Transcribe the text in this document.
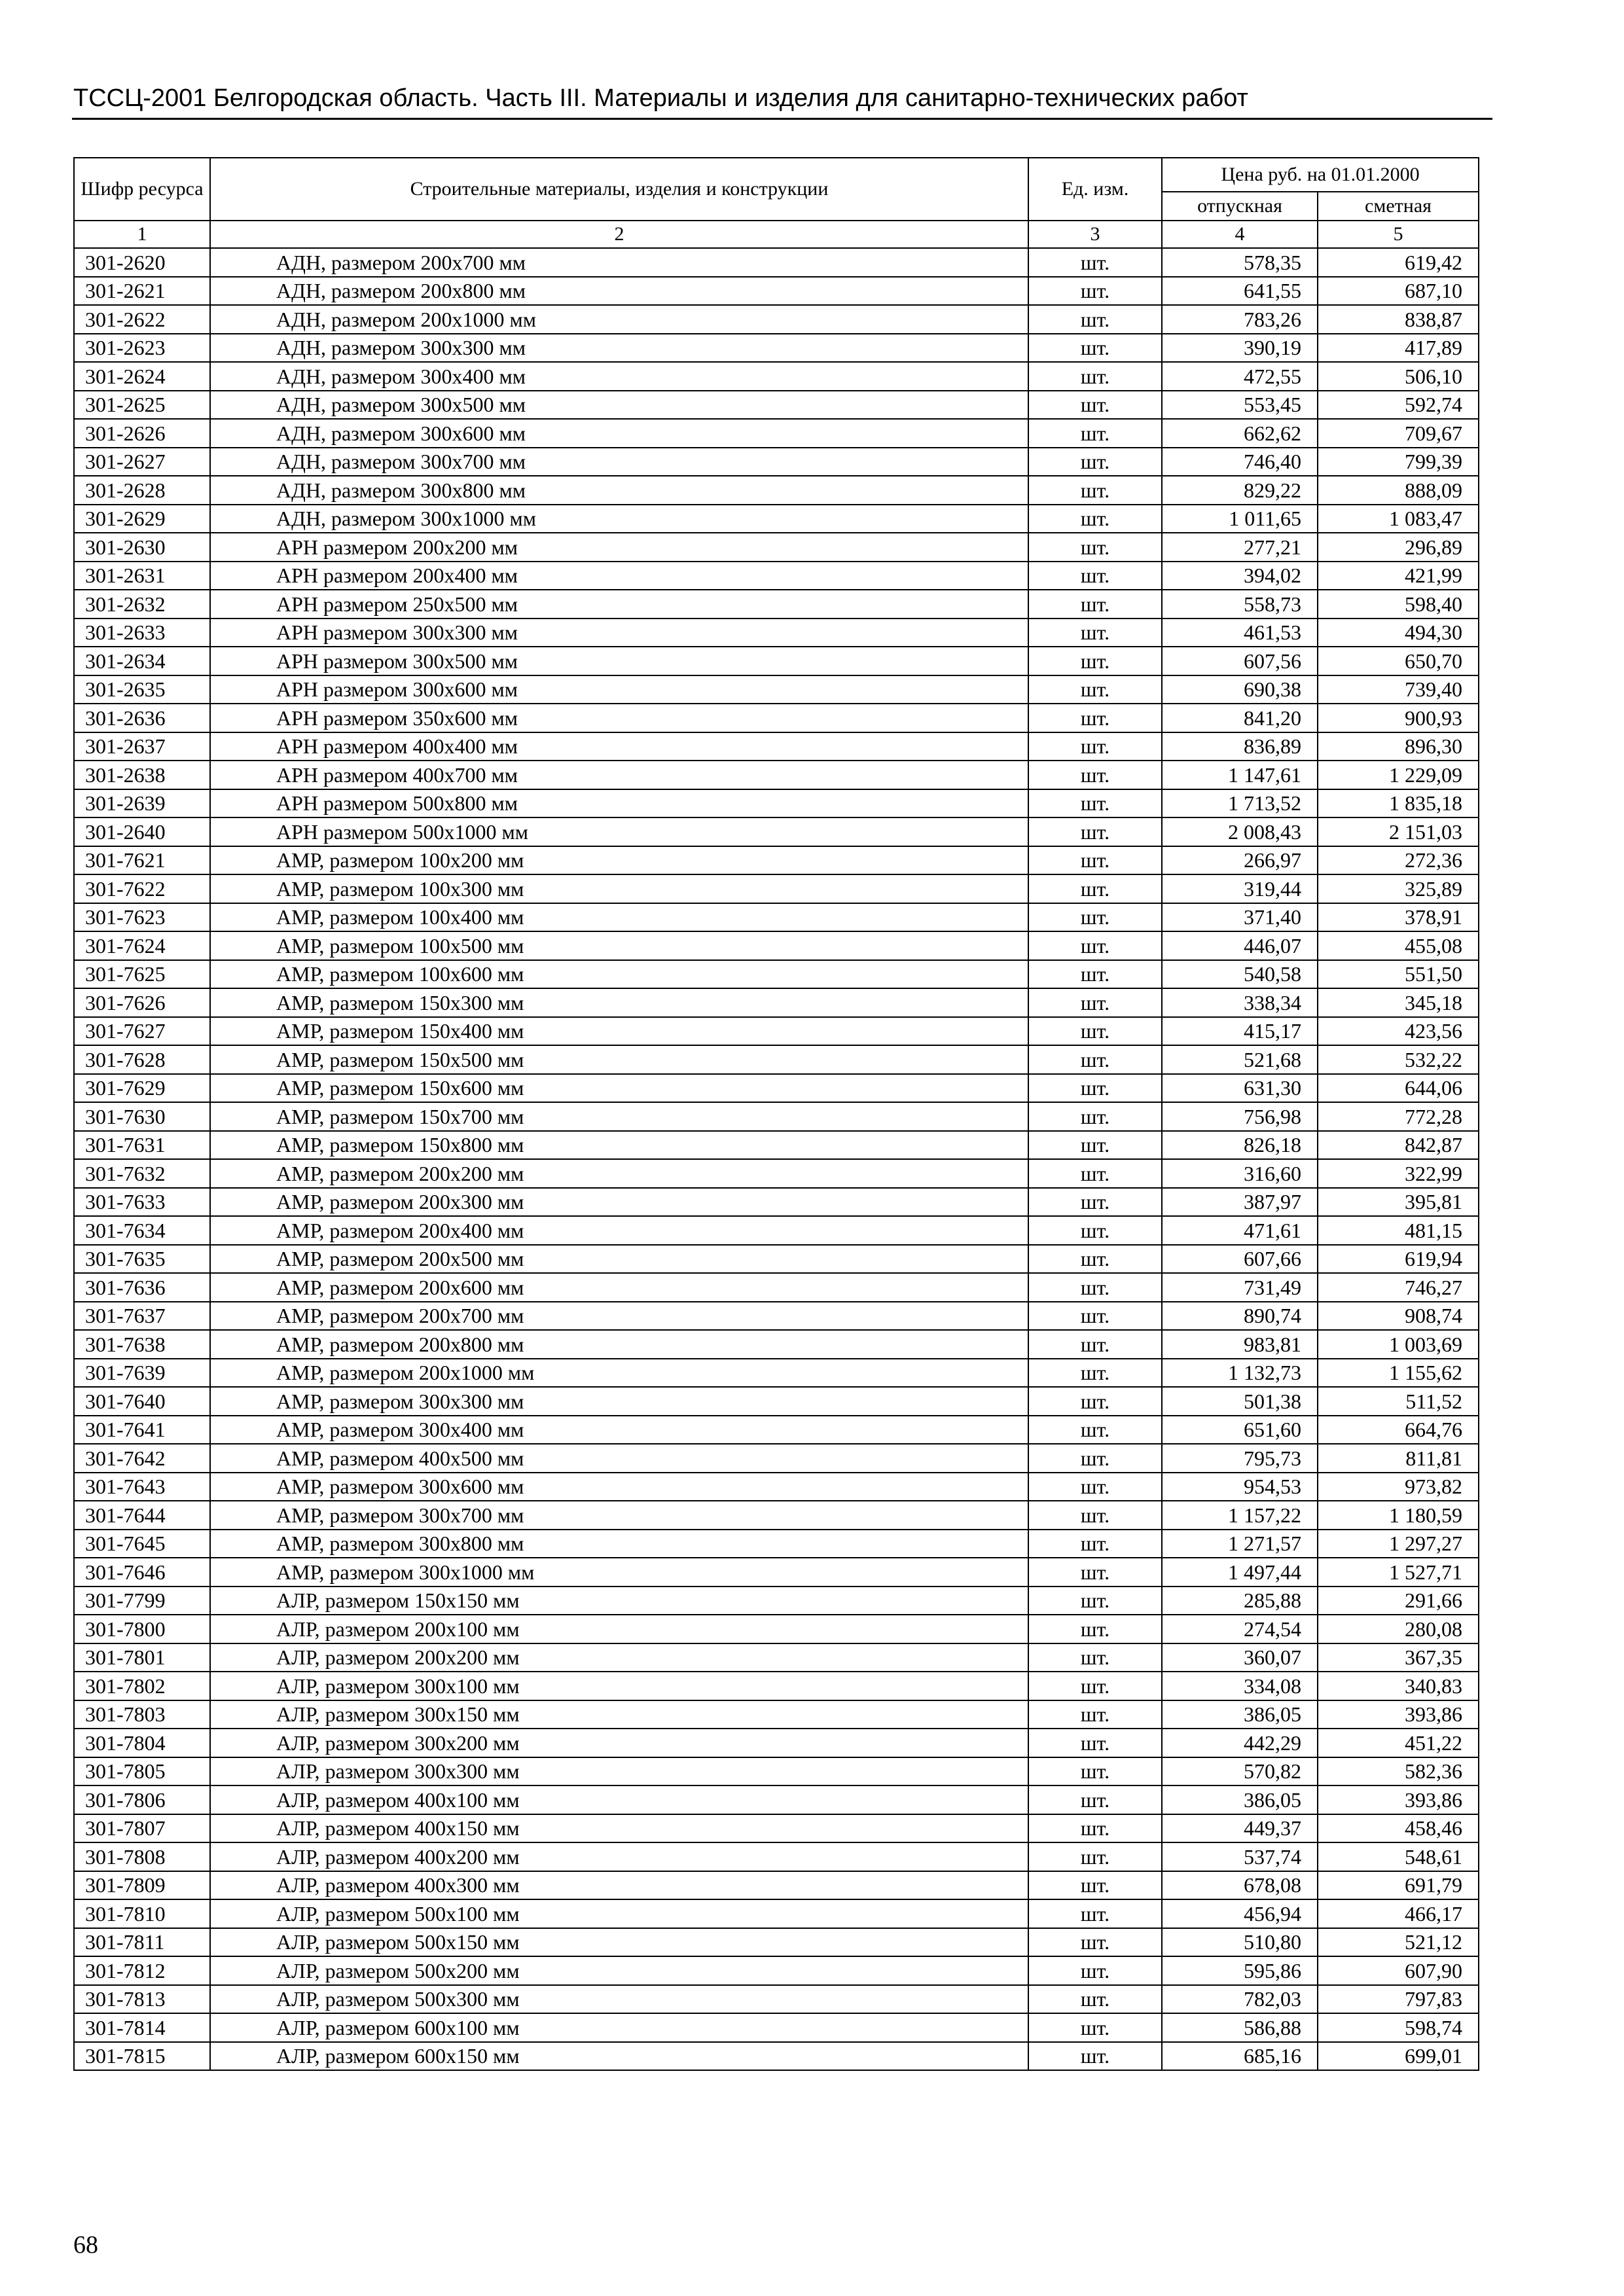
ТССЦ-2001 Белгородская область. Часть III. Материалы и изделия для санитарно-технических работ
Шифр ресурса	Строительные материалы, изделия и конструкции	Ед. изм.	Цена руб. на 01.01.2000	
			отпускная	сметная
1	2	3	4	5
301-2620	АДН, размером 200x700 мм	шт.	578,35	619,42
301-2621	АДН, размером 200x800 мм	шт.	641,55	687,10
301-2622	АДН, размером 200x1000 мм	шт.	783,26	838,87
301-2623	АДН, размером 300x300 мм	шт.	390,19	417,89
301-2624	АДН, размером 300x400 мм	шт.	472,55	506,10
301-2625	АДН, размером 300x500 мм	шт.	553,45	592,74
301-2626	АДН, размером 300x600 мм	шт.	662,62	709,67
301-2627	АДН, размером 300x700 мм	шт.	746,40	799,39
301-2628	АДН, размером 300x800 мм	шт.	829,22	888,09
301-2629	АДН, размером 300x1000 мм	шт.	1 011,65	1 083,47
301-2630	АРН размером 200x200 мм	шт.	277,21	296,89
301-2631	АРН размером 200x400 мм	шт.	394,02	421,99
301-2632	АРН размером 250x500 мм	шт.	558,73	598,40
301-2633	АРН размером 300x300 мм	шт.	461,53	494,30
301-2634	АРН размером 300x500 мм	шт.	607,56	650,70
301-2635	АРН размером 300x600 мм	шт.	690,38	739,40
301-2636	АРН размером 350x600 мм	шт.	841,20	900,93
301-2637	АРН размером 400x400 мм	шт.	836,89	896,30
301-2638	АРН размером 400x700 мм	шт.	1 147,61	1 229,09
301-2639	АРН размером 500x800 мм	шт.	1 713,52	1 835,18
301-2640	АРН размером 500x1000 мм	шт.	2 008,43	2 151,03
301-7621	АМР, размером 100x200 мм	шт.	266,97	272,36
301-7622	АМР, размером 100x300 мм	шт.	319,44	325,89
301-7623	АМР, размером 100x400 мм	шт.	371,40	378,91
301-7624	АМР, размером 100x500 мм	шт.	446,07	455,08
301-7625	АМР, размером 100x600 мм	шт.	540,58	551,50
301-7626	АМР, размером 150x300 мм	шт.	338,34	345,18
301-7627	АМР, размером 150x400 мм	шт.	415,17	423,56
301-7628	АМР, размером 150x500 мм	шт.	521,68	532,22
301-7629	АМР, размером 150x600 мм	шт.	631,30	644,06
301-7630	АМР, размером 150x700 мм	шт.	756,98	772,28
301-7631	АМР, размером 150x800 мм	шт.	826,18	842,87
301-7632	АМР, размером 200x200 мм	шт.	316,60	322,99
301-7633	АМР, размером 200x300 мм	шт.	387,97	395,81
301-7634	АМР, размером 200x400 мм	шт.	471,61	481,15
301-7635	АМР, размером 200x500 мм	шт.	607,66	619,94
301-7636	АМР, размером 200x600 мм	шт.	731,49	746,27
301-7637	АМР, размером 200x700 мм	шт.	890,74	908,74
301-7638	АМР, размером 200x800 мм	шт.	983,81	1 003,69
301-7639	АМР, размером 200x1000 мм	шт.	1 132,73	1 155,62
301-7640	АМР, размером 300x300 мм	шт.	501,38	511,52
301-7641	АМР, размером 300x400 мм	шт.	651,60	664,76
301-7642	АМР, размером 400x500 мм	шт.	795,73	811,81
301-7643	АМР, размером 300x600 мм	шт.	954,53	973,82
301-7644	АМР, размером 300x700 мм	шт.	1 157,22	1 180,59
301-7645	АМР, размером 300x800 мм	шт.	1 271,57	1 297,27
301-7646	АМР, размером 300x1000 мм	шт.	1 497,44	1 527,71
301-7799	АЛР, размером 150x150 мм	шт.	285,88	291,66
301-7800	АЛР, размером 200x100 мм	шт.	274,54	280,08
301-7801	АЛР, размером 200x200 мм	шт.	360,07	367,35
301-7802	АЛР, размером 300x100 мм	шт.	334,08	340,83
301-7803	АЛР, размером 300x150 мм	шт.	386,05	393,86
301-7804	АЛР, размером 300x200 мм	шт.	442,29	451,22
301-7805	АЛР, размером 300x300 мм	шт.	570,82	582,36
301-7806	АЛР, размером 400x100 мм	шт.	386,05	393,86
301-7807	АЛР, размером 400x150 мм	шт.	449,37	458,46
301-7808	АЛР, размером 400x200 мм	шт.	537,74	548,61
301-7809	АЛР, размером 400x300 мм	шт.	678,08	691,79
301-7810	АЛР, размером 500x100 мм	шт.	456,94	466,17
301-7811	АЛР, размером 500x150 мм	шт.	510,80	521,12
301-7812	АЛР, размером 500x200 мм	шт.	595,86	607,90
301-7813	АЛР, размером 500x300 мм	шт.	782,03	797,83
301-7814	АЛР, размером 600x100 мм	шт.	586,88	598,74
301-7815	АЛР, размером 600x150 мм	шт.	685,16	699,01
68
